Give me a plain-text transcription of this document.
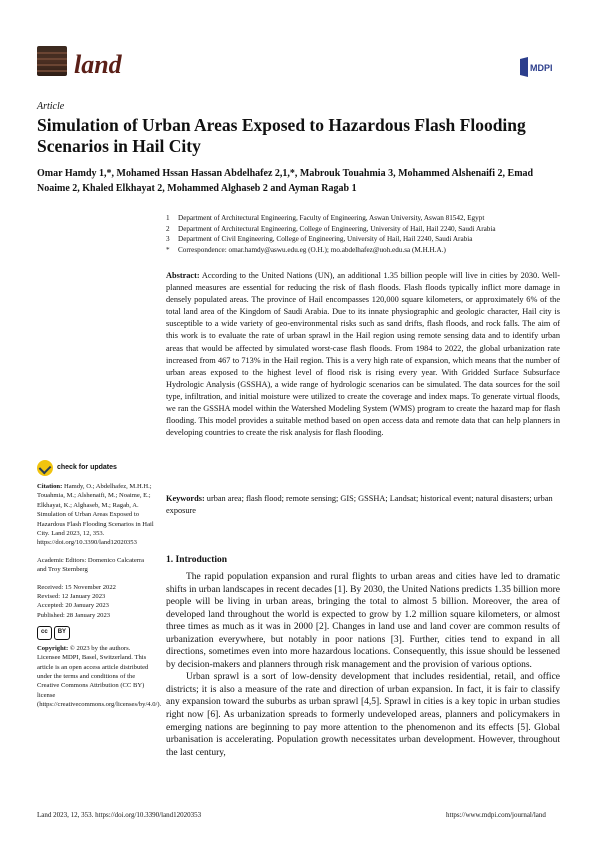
land	MDPI
Article
Simulation of Urban Areas Exposed to Hazardous Flash Flooding Scenarios in Hail City
Omar Hamdy 1,*, Mohamed Hssan Hassan Abdelhafez 2,1,*, Mabrouk Touahmia 3, Mohammed Alshenaifi 2, Emad Noaime 2, Khaled Elkhayat 2, Mohammed Alghaseb 2 and Ayman Ragab 1
1	Department of Architectural Engineering, Faculty of Engineering, Aswan University, Aswan 81542, Egypt
2	Department of Architectural Engineering, College of Engineering, University of Hail, Hail 2240, Saudi Arabia
3	Department of Civil Engineering, College of Engineering, University of Hail, Hail 2240, Saudi Arabia
*	Correspondence: omar.hamdy@aswu.edu.eg (O.H.); mo.abdelhafez@uoh.edu.sa (M.H.H.A.)
Abstract: According to the United Nations (UN), an additional 1.35 billion people will live in cities by 2030. Well-planned measures are essential for reducing the risk of flash floods. Flash floods typically inflict more damage in densely populated areas. The province of Hail encompasses 120,000 square kilometers, or approximately 6% of the total land area of the Kingdom of Saudi Arabia. Due to its innate physiographic and geologic character, Hail city is susceptible to a wide variety of geo-environmental risks such as sand drifts, flash floods, and rock falls. The aim of this work is to evaluate the rate of urban sprawl in the Hail region using remote sensing data and to identify urban areas that would be affected by simulated worst-case flash floods. From 1984 to 2022, the global urbanization rate increased from 467 to 713% in the Hail region. This is a very high rate of expansion, which means that the number of urban areas exposed to the highest level of flood risk is rising every year. With Gridded Surface Subsurface Hydrologic Analysis (GSSHA), a wide range of hydrologic scenarios can be simulated. The data sources for the soil type, infiltration, and initial moisture were utilized to create the coverage and index maps. To generate virtual floods, we ran the GSSHA model within the Watershed Modeling System (WMS) program to create the hazard map for flash flooding. This model provides a suitable method based on open access data and remote data that can help planners in developing countries to create the risk analysis for flash flooding.
Keywords: urban area; flash flood; remote sensing; GIS; GSSHA; Landsat; historical event; natural disasters; urban exposure
check for updates
Citation: Hamdy, O.; Abdelhafez, M.H.H.; Touahmia, M.; Alshenaifi, M.; Noaime, E.; Elkhayat, K.; Alghaseb, M.; Ragab, A. Simulation of Urban Areas Exposed to Hazardous Flash Flooding Scenarios in Hail City. Land 2023, 12, 353. https://doi.org/10.3390/land12020353
Academic Editors: Domenico Calcaterra and Troy Sternberg
Received: 15 November 2022
Revised: 12 January 2023
Accepted: 20 January 2023
Published: 28 January 2023
cc	BY
Copyright: © 2023 by the authors. Licensee MDPI, Basel, Switzerland. This article is an open access article distributed under the terms and conditions of the Creative Commons Attribution (CC BY) license (https://creativecommons.org/licenses/by/4.0/).
1. Introduction

The rapid population expansion and rural flights to urban areas and cities have led to dramatic shifts in urban landscapes in recent decades [1]. By 2030, the United Nations predicts 1.35 billion more people will be living in urban areas, bringing the total to almost 5 billion. Moreover, the area of developed land throughout the world is expected to grow by 1.2 million square kilometers, or almost three times as much as it was in 2000 [2]. Changes in land use and land cover are common results of urbanization everywhere, but notably in poor nations [3]. Further, cities tend to expand in all directions, sometimes even into more hazardous locations. Consequently, this issue should be lessened by decision-makers and planners through risk management and the provision of various options.

Urban sprawl is a sort of low-density development that includes residential, retail, and office districts; it is also a measure of the rate and direction of urban expansion. In fact, it is fair to classify any expansion toward the suburbs as urban sprawl [4,5]. Sprawl in cities is a key topic in urban studies right now [6]. As urbanization spreads to formerly undeveloped areas, planners and policymakers in emerging nations are beginning to pay more attention to the phenomenon and its effects [5]. Global urbanisation is accelerating. Population growth necessitates urban development. However, throughout the last century,

Land 2023, 12, 353. https://doi.org/10.3390/land12020353	https://www.mdpi.com/journal/land
